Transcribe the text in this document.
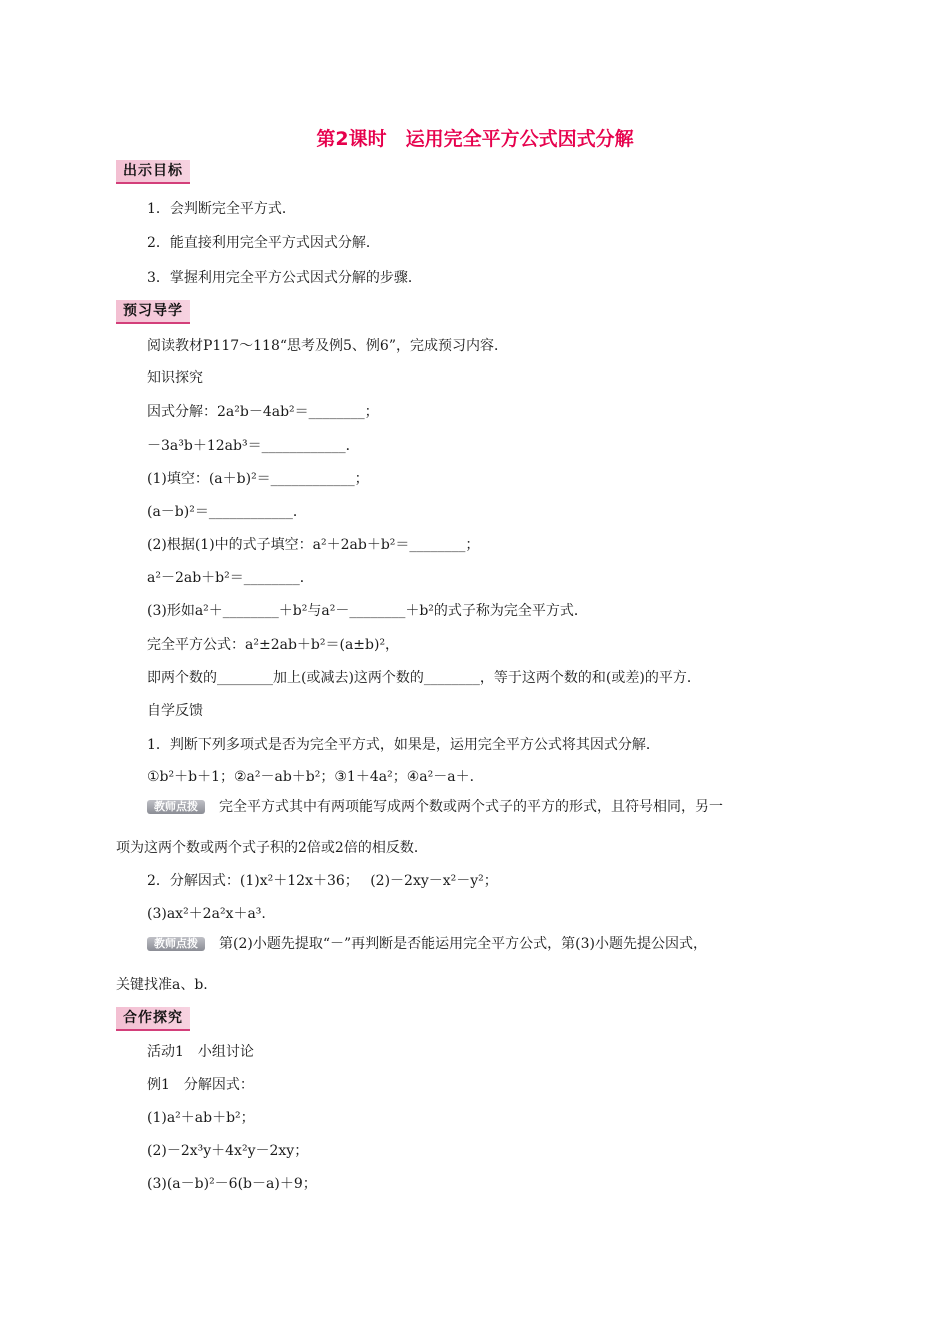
第2课时　运用完全平方公式因式分解
出示目标
1．会判断完全平方式．
2．能直接利用完全平方式因式分解．
3．掌握利用完全平方公式因式分解的步骤．
预习导学
阅读教材P117～118“思考及例5、例6”，完成预习内容．
知识探究
因式分解：2a²b－4ab²＝________；
－3a³b＋12ab³＝____________．
(1)填空：(a＋b)²＝____________；
(a－b)²＝____________．
(2)根据(1)中的式子填空：a²＋2ab＋b²＝________；
a²－2ab＋b²＝________．
(3)形如a²＋________＋b²与a²－________＋b²的式子称为完全平方式．
完全平方公式：a²±2ab＋b²＝(a±b)²，
即两个数的________加上(或减去)这两个数的________，等于这两个数的和(或差)的平方．
自学反馈
1．判断下列多项式是否为完全平方式，如果是，运用完全平方公式将其因式分解．
①b²＋b＋1；②a²－ab＋b²；③1＋4a²；④a²－a＋．
教师点拨 完全平方式其中有两项能写成两个数或两个式子的平方的形式，且符号相同，另一
项为这两个数或两个式子积的2倍或2倍的相反数．
2．分解因式：(1)x²＋12x＋36；　 (2)－2xy－x²－y²；
(3)ax²＋2a²x＋a³.
教师点拨 第(2)小题先提取“－”再判断是否能运用完全平方公式，第(3)小题先提公因式，
关键找准a、b.
合作探究
活动1　小组讨论
例1　分解因式：
(1)a²＋ab＋b²；
(2)－2x³y＋4x²y－2xy；
(3)(a－b)²－6(b－a)＋9；
